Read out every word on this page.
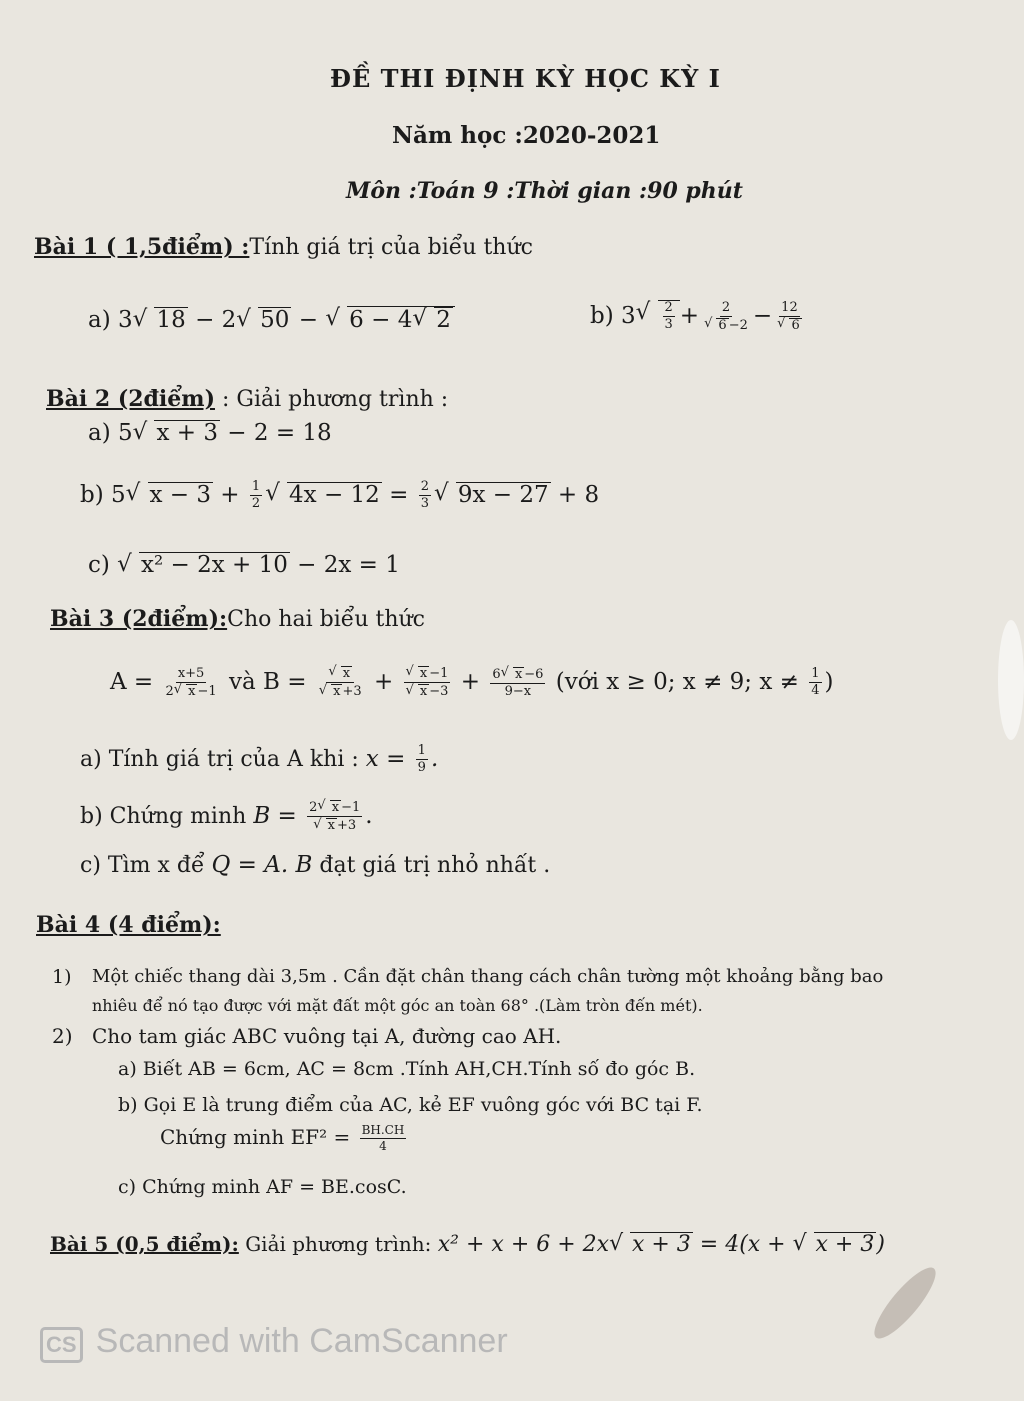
ĐỀ THI ĐỊNH KỲ HỌC KỲ I
Năm học :2020-2021
Môn :Toán 9 :Thời gian :90 phút
Bài 1 ( 1,5điểm) :Tính giá trị của biểu thức
a) 3 √ 18 − 2 √ 50 − √ 6 − 4 √ 2	b) 3 √ $\frac{2}{3} + 2$
√ 6 −2 − 12
√ 6
Bài 2 (2điểm) : Giải phương trình :
a) 5 √ x + 3 − 2 = 18
b) 5 √ $x - 3 + \frac{1}{2}$ √ $4x - 12 = \frac{2}{3}$ √ 9x − 27 + 8
c) √ x² − 2x + 10 − 2x = 1
Bài 3 (2điểm):Cho hai biểu thức
$A = \frac{x+5}{2 √ x -1}$ và B = √ x
√ x +3 + √ x −1
√ $x -3 + \frac{6 √ x -6}{9-x}$ (với x ≥ 0; x ≠ 9; $x \ne \frac{1}{4}$ )
a) Tính giá trị của A khi : $x = \frac{1}{9}$ .
b) Chứng minh B = 2 √ x −1
√ x +3 .
c) Tìm x để Q = A. B đạt giá trị nhỏ nhất .
Bài 4 (4 điểm):
1) Một chiếc thang dài 3,5m . Cần đặt chân thang cách chân tường một khoảng bằng bao
nhiêu để nó tạo được với mặt đất một góc an toàn 68° .(Làm tròn đến mét).
2) Cho tam giác ABC vuông tại A, đường cao AH.
a) Biết AB = 6cm, AC = 8cm .Tính AH,CH.Tính số đo góc B.
b) Gọi E là trung điểm của AC, kẻ EF vuông góc với BC tại F.
Chứng minh $EF^2 = \frac{BH.CH}{4}$
c) Chứng minh AF = BE.cosC.
Bài 5 (0,5 điểm): Giải phương trình: x² + x + 6 + 2x √ x + 3 = 4(x + √ x + 3)
CS Scanned with CamScanner
